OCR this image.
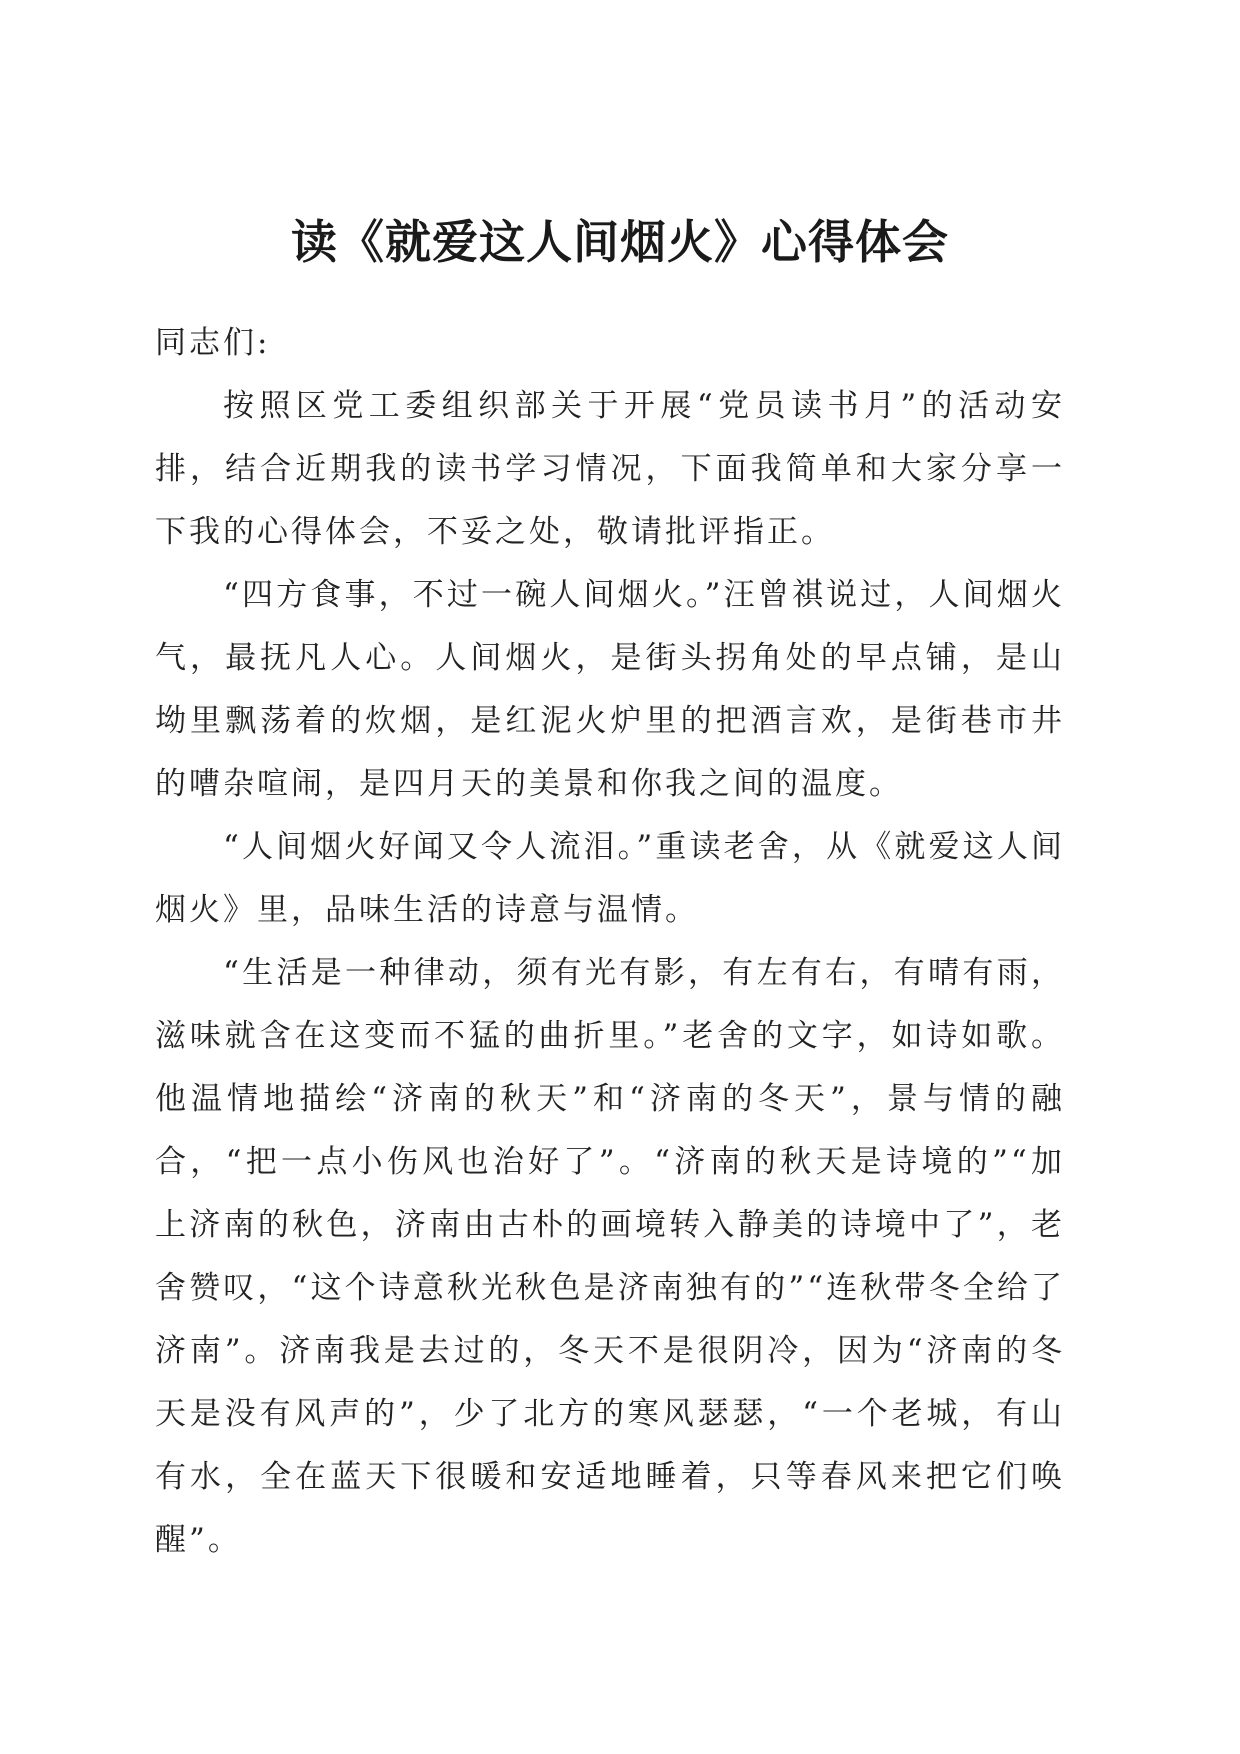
读《就爱这人间烟火》心得体会

同志们:

按照区党工委组织部关于开展“党员读书月”的活动安排，结合近期我的读书学习情况，下面我简单和大家分享一下我的心得体会，不妥之处，敬请批评指正。

“四方食事，不过一碗人间烟火。”汪曾祺说过，人间烟火气，最抚凡人心。人间烟火，是街头拐角处的早点铺，是山坳里飘荡着的炊烟，是红泥火炉里的把酒言欢，是街巷市井的嘈杂喧闹，是四月天的美景和你我之间的温度。

“人间烟火好闻又令人流泪。”重读老舍，从《就爱这人间烟火》里，品味生活的诗意与温情。

“生活是一种律动，须有光有影，有左有右，有晴有雨，滋味就含在这变而不猛的曲折里。”老舍的文字，如诗如歌。他温情地描绘“济南的秋天”和“济南的冬天”，景与情的融合，“把一点小伤风也治好了”。“济南的秋天是诗境的”“加上济南的秋色，济南由古朴的画境转入静美的诗境中了”，老舍赞叹，“这个诗意秋光秋色是济南独有的”“连秋带冬全给了济南”。济南我是去过的，冬天不是很阴冷，因为“济南的冬天是没有风声的”，少了北方的寒风瑟瑟，“一个老城，有山有水，全在蓝天下很暖和安适地睡着，只等春风来把它们唤醒”。
